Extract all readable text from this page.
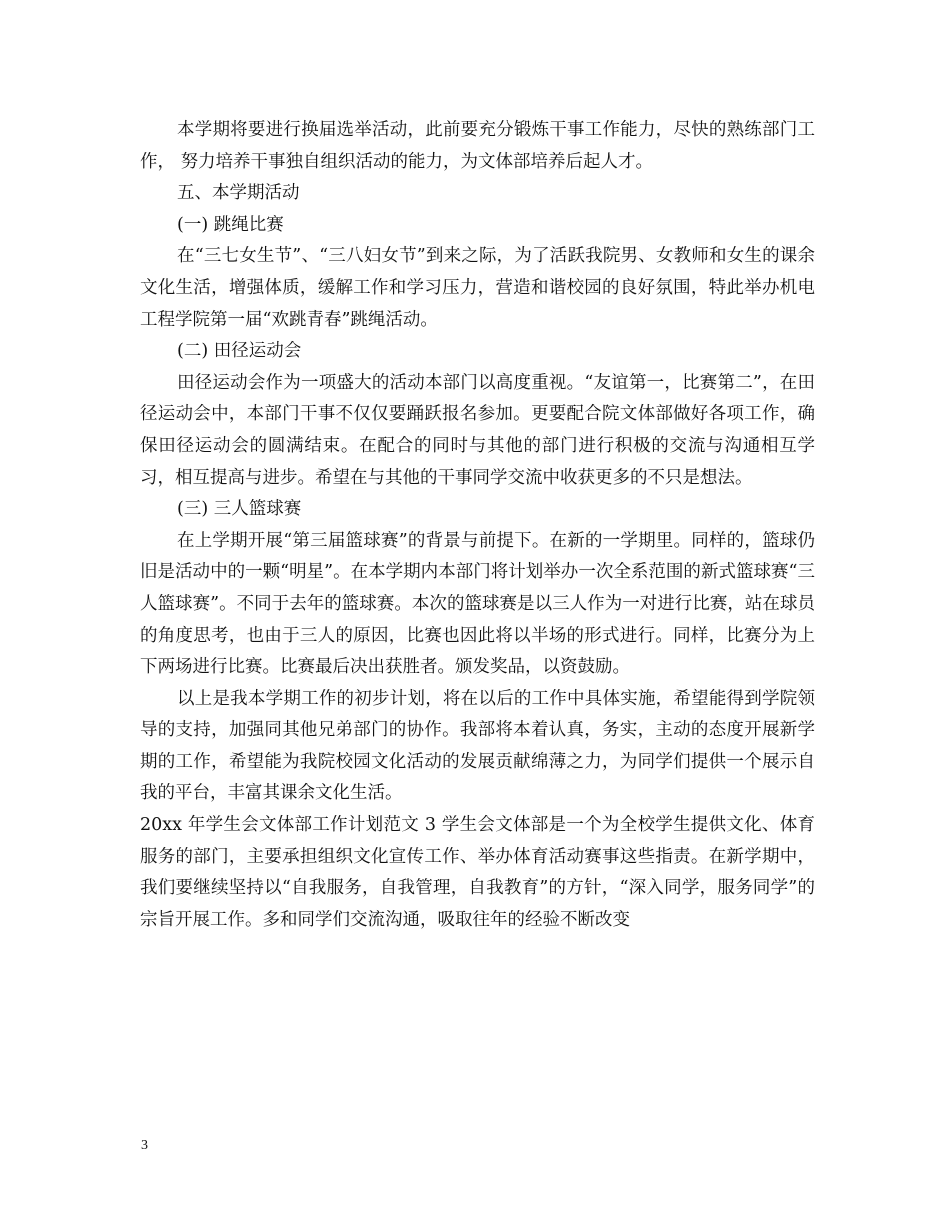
本学期将要进行换届选举活动，此前要充分锻炼干事工作能力，尽快的熟练部门工作， 努力培养干事独自组织活动的能力，为文体部培养后起人才。

五、本学期活动

(一) 跳绳比赛

在“三七女生节”、“三八妇女节”到来之际，为了活跃我院男、女教师和女生的课余文化生活，增强体质，缓解工作和学习压力，营造和谐校园的良好氛围，特此举办机电工程学院第一届“欢跳青春”跳绳活动。

(二) 田径运动会

田径运动会作为一项盛大的活动本部门以高度重视。“友谊第一，比赛第二”，在田径运动会中，本部门干事不仅仅要踊跃报名参加。更要配合院文体部做好各项工作，确保田径运动会的圆满结束。在配合的同时与其他的部门进行积极的交流与沟通相互学习，相互提高与进步。希望在与其他的干事同学交流中收获更多的不只是想法。

(三) 三人篮球赛

在上学期开展“第三届篮球赛”的背景与前提下。在新的一学期里。同样的，篮球仍旧是活动中的一颗“明星”。在本学期内本部门将计划举办一次全系范围的新式篮球赛“三人篮球赛”。不同于去年的篮球赛。本次的篮球赛是以三人作为一对进行比赛，站在球员的角度思考，也由于三人的原因，比赛也因此将以半场的形式进行。同样，比赛分为上下两场进行比赛。比赛最后决出获胜者。颁发奖品，以资鼓励。

以上是我本学期工作的初步计划，将在以后的工作中具体实施，希望能得到学院领导的支持，加强同其他兄弟部门的协作。我部将本着认真，务实，主动的态度开展新学期的工作，希望能为我院校园文化活动的发展贡献绵薄之力，为同学们提供一个展示自我的平台，丰富其课余文化生活。

20xx 年学生会文体部工作计划范文 3 学生会文体部是一个为全校学生提供文化、体育服务的部门，主要承担组织文化宣传工作、举办体育活动赛事这些指责。在新学期中，我们要继续坚持以“自我服务，自我管理，自我教育”的方针，“深入同学，服务同学”的宗旨开展工作。多和同学们交流沟通，吸取往年的经验不断改变

3
